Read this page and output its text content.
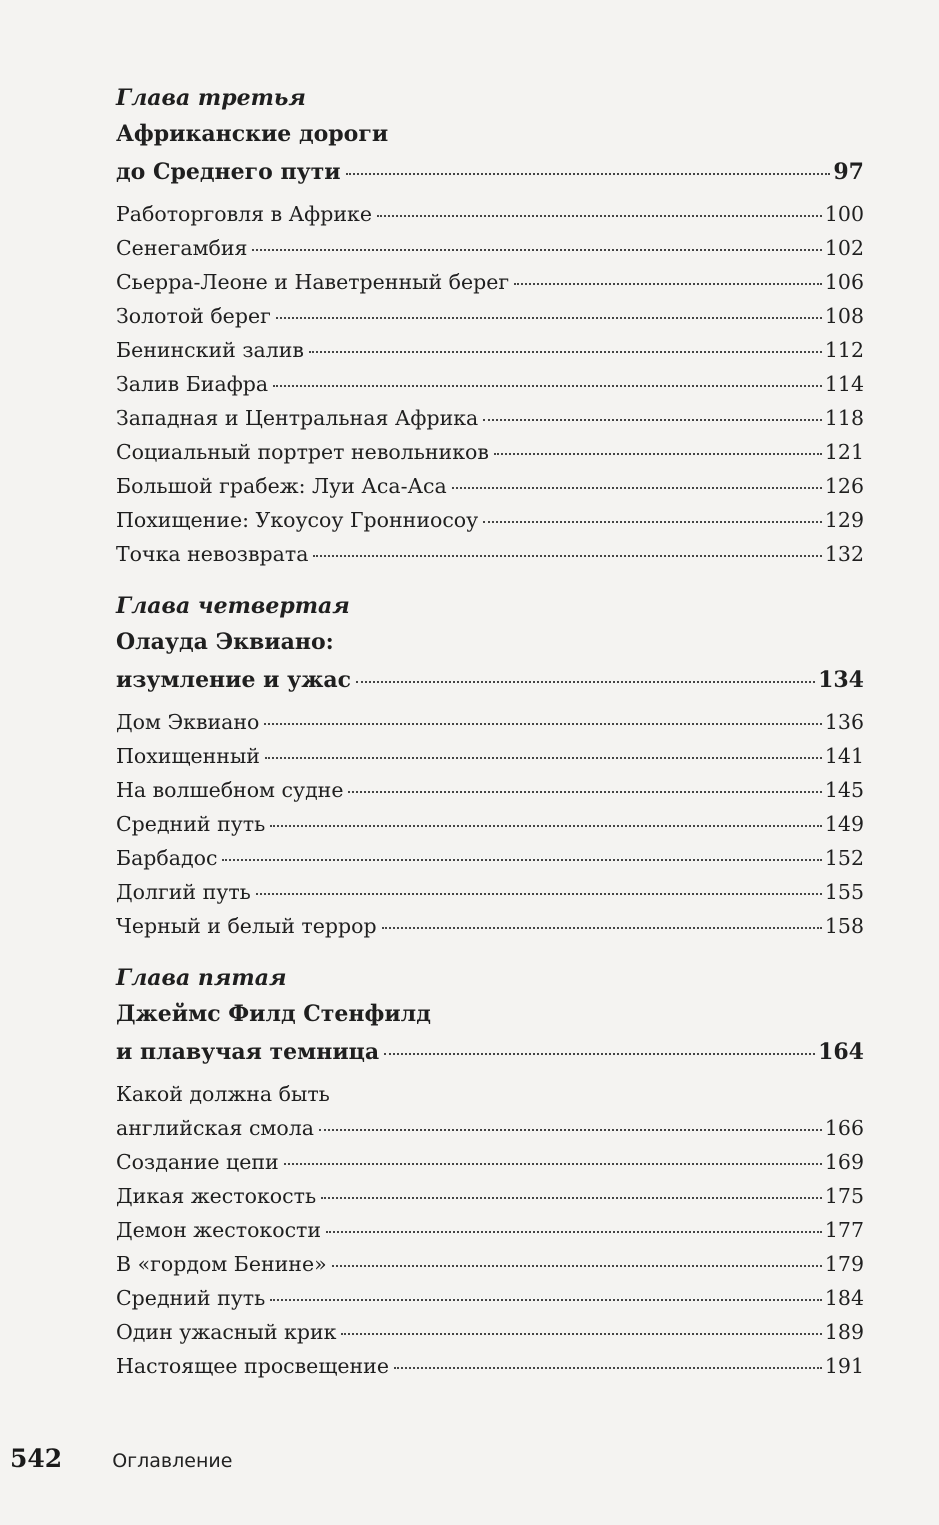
Глава третья
Африканские дороги
до Среднего пути	97
Работорговля в Африке	100
Сенегамбия	102
Сьерра-Леоне и Наветренный берег	106
Золотой берег	108
Бенинский залив	112
Залив Биафра	114
Западная и Центральная Африка	118
Социальный портрет невольников	121
Большой грабеж: Луи Аса-Аса	126
Похищение: Укоусоу Гронниосоу	129
Точка невозврата	132
Глава четвертая
Олауда Эквиано:
изумление и ужас	134
Дом Эквиано	136
Похищенный	141
На волшебном судне	145
Средний путь	149
Барбадос	152
Долгий путь	155
Черный и белый террор	158
Глава пятая
Джеймс Филд Стенфилд
и плавучая темница	164
Какой должна быть
английская смола	166
Создание цепи	169
Дикая жестокость	175
Демон жестокости	177
В «гордом Бенине»	179
Средний путь	184
Один ужасный крик	189
Настоящее просвещение	191
542	Оглавление
